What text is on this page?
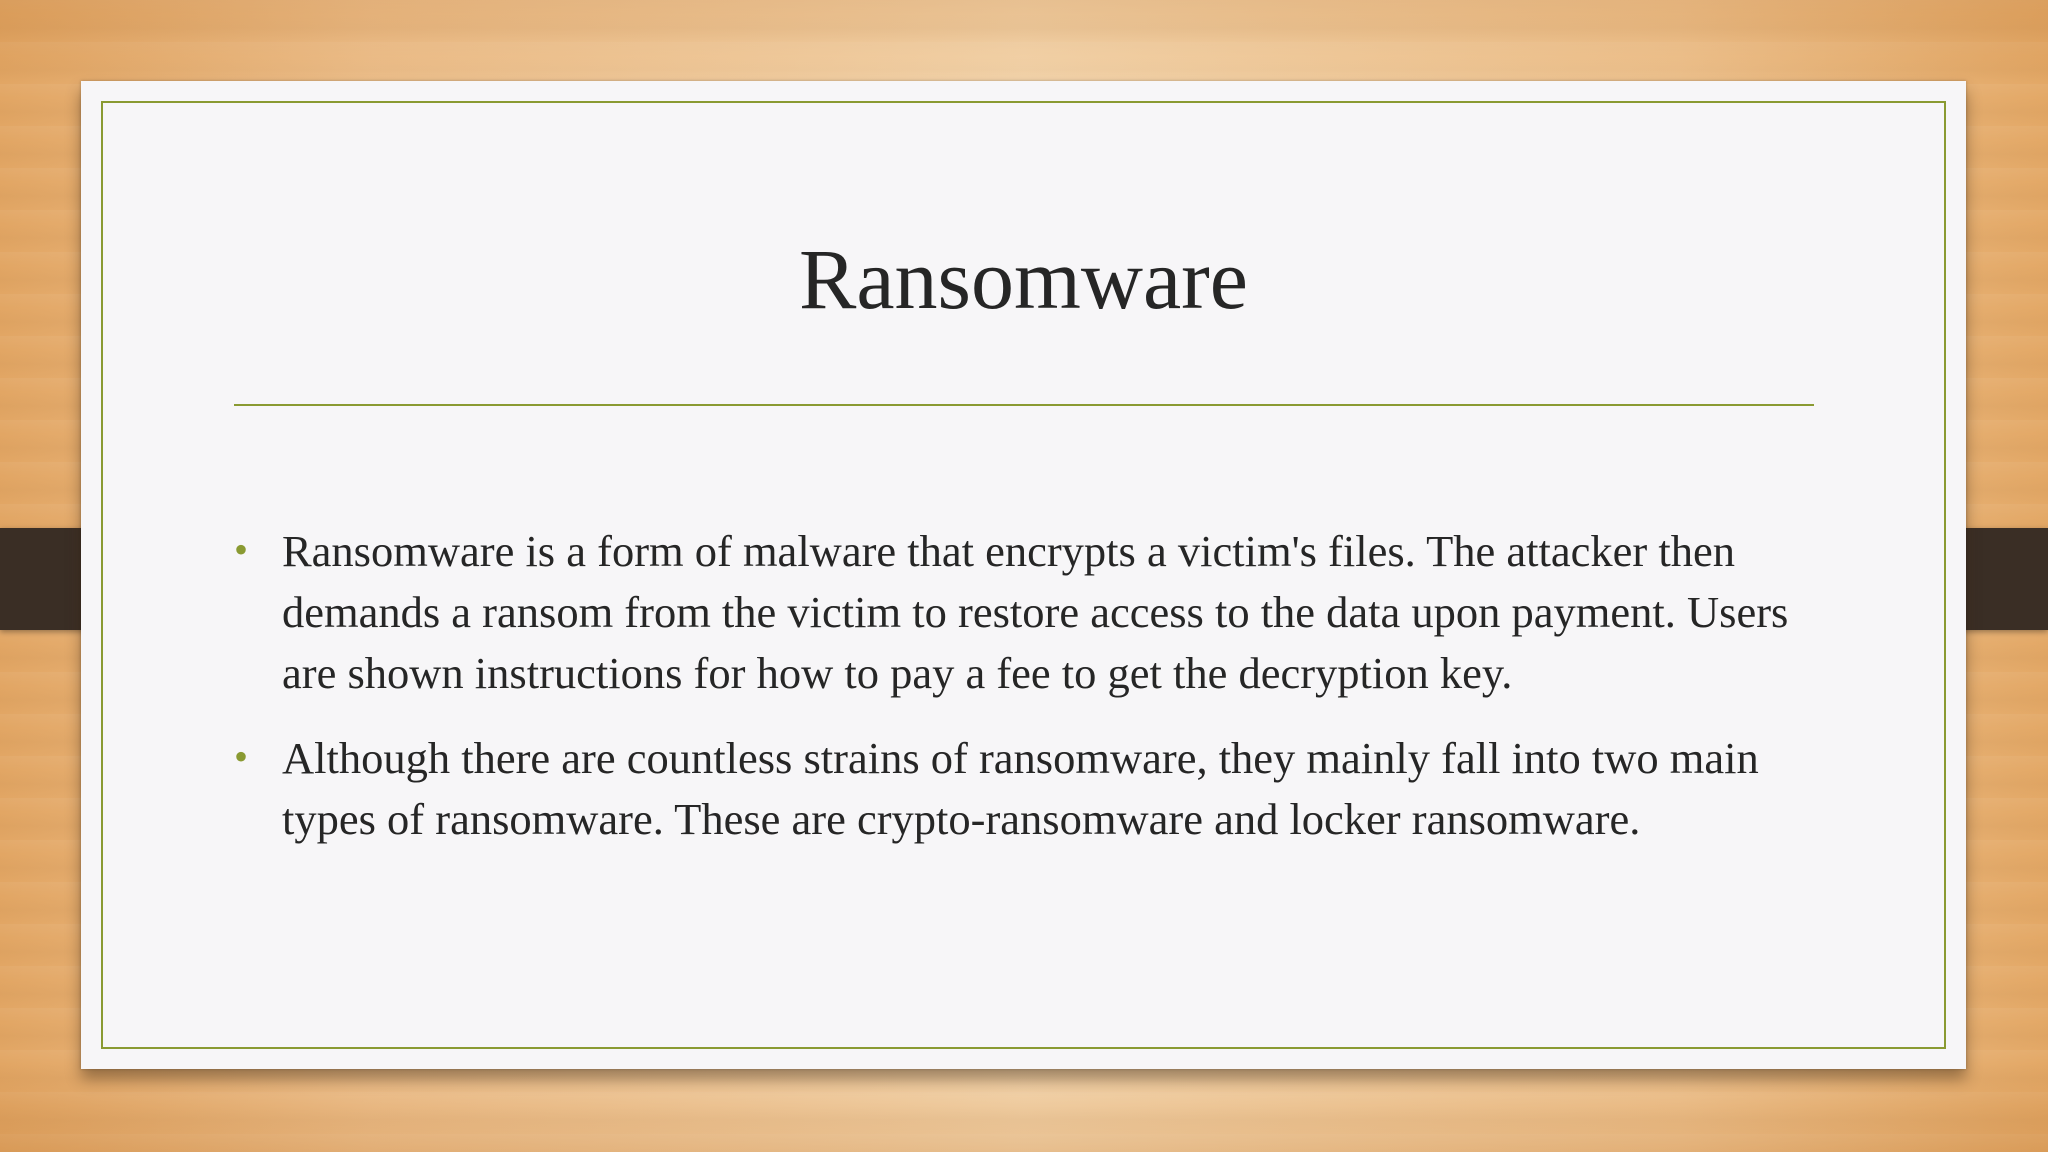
Ransomware
• Ransomware is a form of malware that encrypts a victim's files. The attacker then demands a ransom from the victim to restore access to the data upon payment. Users are shown instructions for how to pay a fee to get the decryption key.
• Although there are countless strains of ransomware, they mainly fall into two main types of ransomware. These are crypto-ransomware and locker ransomware.
